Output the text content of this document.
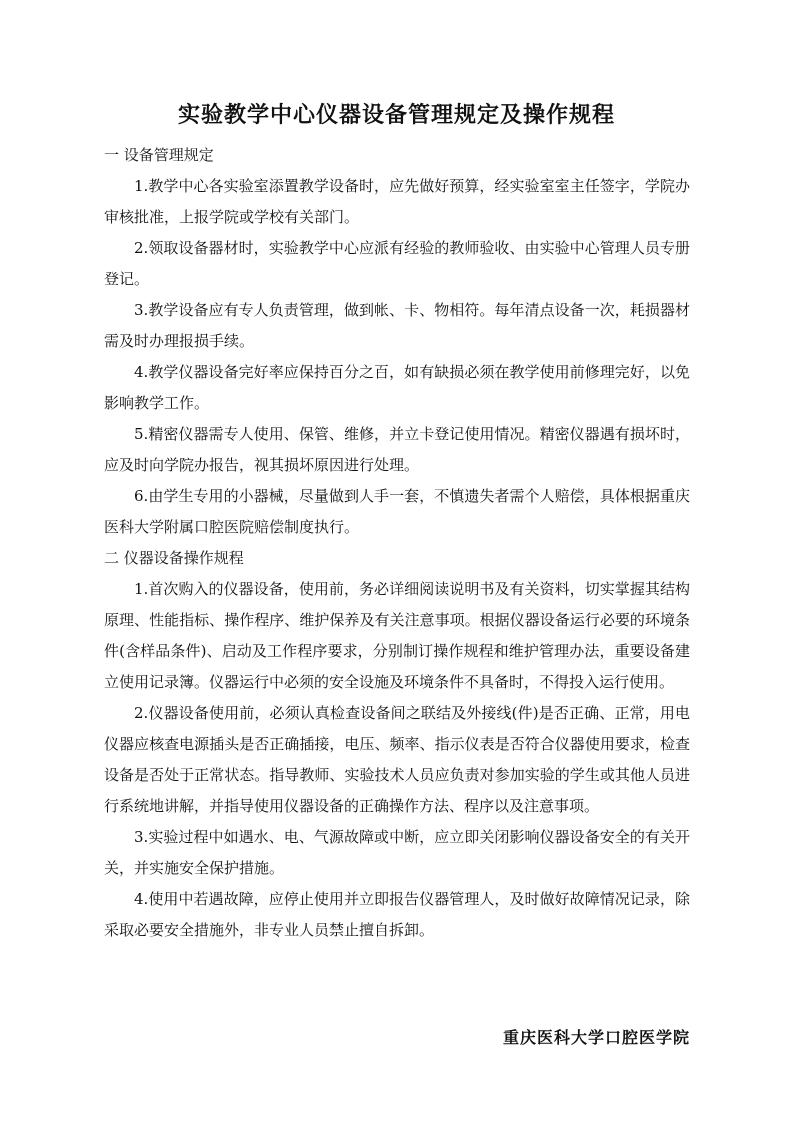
实验教学中心仪器设备管理规定及操作规程

一 设备管理规定

1.教学中心各实验室添置教学设备时，应先做好预算，经实验室室主任签字，学院办审核批准，上报学院或学校有关部门。

2.领取设备器材时，实验教学中心应派有经验的教师验收、由实验中心管理人员专册登记。

3.教学设备应有专人负责管理，做到帐、卡、物相符。每年清点设备一次，耗损器材需及时办理报损手续。

4.教学仪器设备完好率应保持百分之百，如有缺损必须在教学使用前修理完好，以免影响教学工作。

5.精密仪器需专人使用、保管、维修，并立卡登记使用情况。精密仪器遇有损坏时，应及时向学院办报告，视其损坏原因进行处理。

6.由学生专用的小器械，尽量做到人手一套，不慎遗失者需个人赔偿，具体根据重庆医科大学附属口腔医院赔偿制度执行。

二 仪器设备操作规程

1.首次购入的仪器设备，使用前，务必详细阅读说明书及有关资料，切实掌握其结构原理、性能指标、操作程序、维护保养及有关注意事项。根据仪器设备运行必要的环境条件(含样品条件)、启动及工作程序要求，分别制订操作规程和维护管理办法，重要设备建立使用记录簿。仪器运行中必须的安全设施及环境条件不具备时，不得投入运行使用。

2.仪器设备使用前，必须认真检查设备间之联结及外接线(件)是否正确、正常，用电仪器应核查电源插头是否正确插接，电压、频率、指示仪表是否符合仪器使用要求，检查设备是否处于正常状态。指导教师、实验技术人员应负责对参加实验的学生或其他人员进行系统地讲解，并指导使用仪器设备的正确操作方法、程序以及注意事项。

3.实验过程中如遇水、电、气源故障或中断，应立即关闭影响仪器设备安全的有关开关，并实施安全保护措施。

4.使用中若遇故障，应停止使用并立即报告仪器管理人，及时做好故障情况记录，除采取必要安全措施外，非专业人员禁止擅自拆卸。

重庆医科大学口腔医学院
